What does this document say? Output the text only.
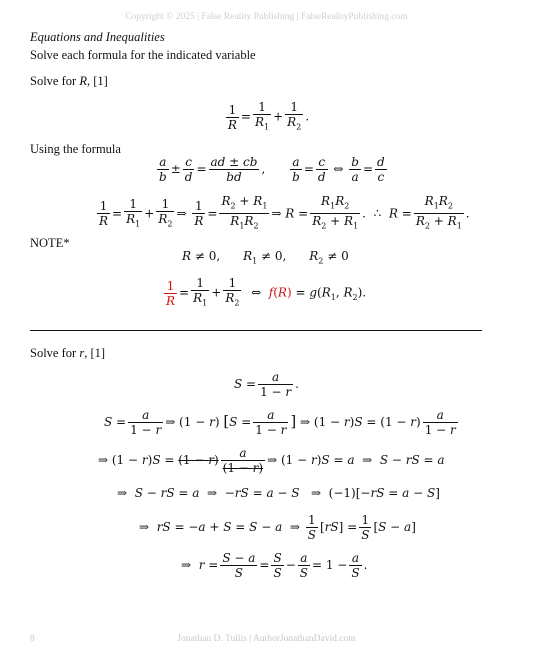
Copyright © 2025 | False Reality Publishing | FalseRealityPublishing.com
Equations and Inequalities
Solve each formula for the indicated variable
Solve for R, [1]
$\frac{1}{R} = \frac{1}{R_1} + \frac{1}{R_2}$ .
Using the formula
$\frac{a}{b} \pm \frac{c}{d} = \frac{ad \pm cb}{bd}$ , $\frac{a}{b} = \frac{c}{d}$ ⇔ $\frac{b}{a} = \frac{d}{c}$
$\frac{1}{R} = \frac{1}{R_1} + \frac{1}{R_2}$ ⇒ $\frac{1}{R} = \frac{R_2 + R_1}{R_1R_2}$ ⇒ $R = \frac{R_1R_2}{R_2 + R_1}$ .  ∴  $R = \frac{R_1R_2}{R_2 + R_1}$ .
NOTE*
R ≠ 0,      $R_1 \ne 0$,      $R_2 \ne 0$
$\frac{1}{R} = \frac{1}{R_1} + \frac{1}{R_2}$ ⇔  $f(R) = g(R_1$, $R_2$).
Solve for r, [1]
$S = \frac{a}{1 - r}$ .
$S = \frac{a}{1 - r}$ ⇒ (1 − r) [$S = \frac{a}{1 - r}$ ] ⇒ $(1 - r)S = (1 - r) \frac{a}{1 - r}$
⇒ $(1 - r)S = (1 - r) \frac{a}{(1 - r)}$ ⇒ (1 − r)S = a  ⇒  S − rS = a
⇒  S − rS = a  ⇒  −rS = a − S   ⇒  (−1)[−rS = a − S]
⇒  rS = −a + S = S − a  ⇒ $\frac{1}{S} [rS] = \frac{1}{S} [S - a]$
⇒  $r = \frac{S - a}{S} = \frac{S}{S} - \frac{a}{S} = 1 - \frac{a}{S}$ .
Jonathan D. Tullis | AuthorJonathanDavid.com
8
